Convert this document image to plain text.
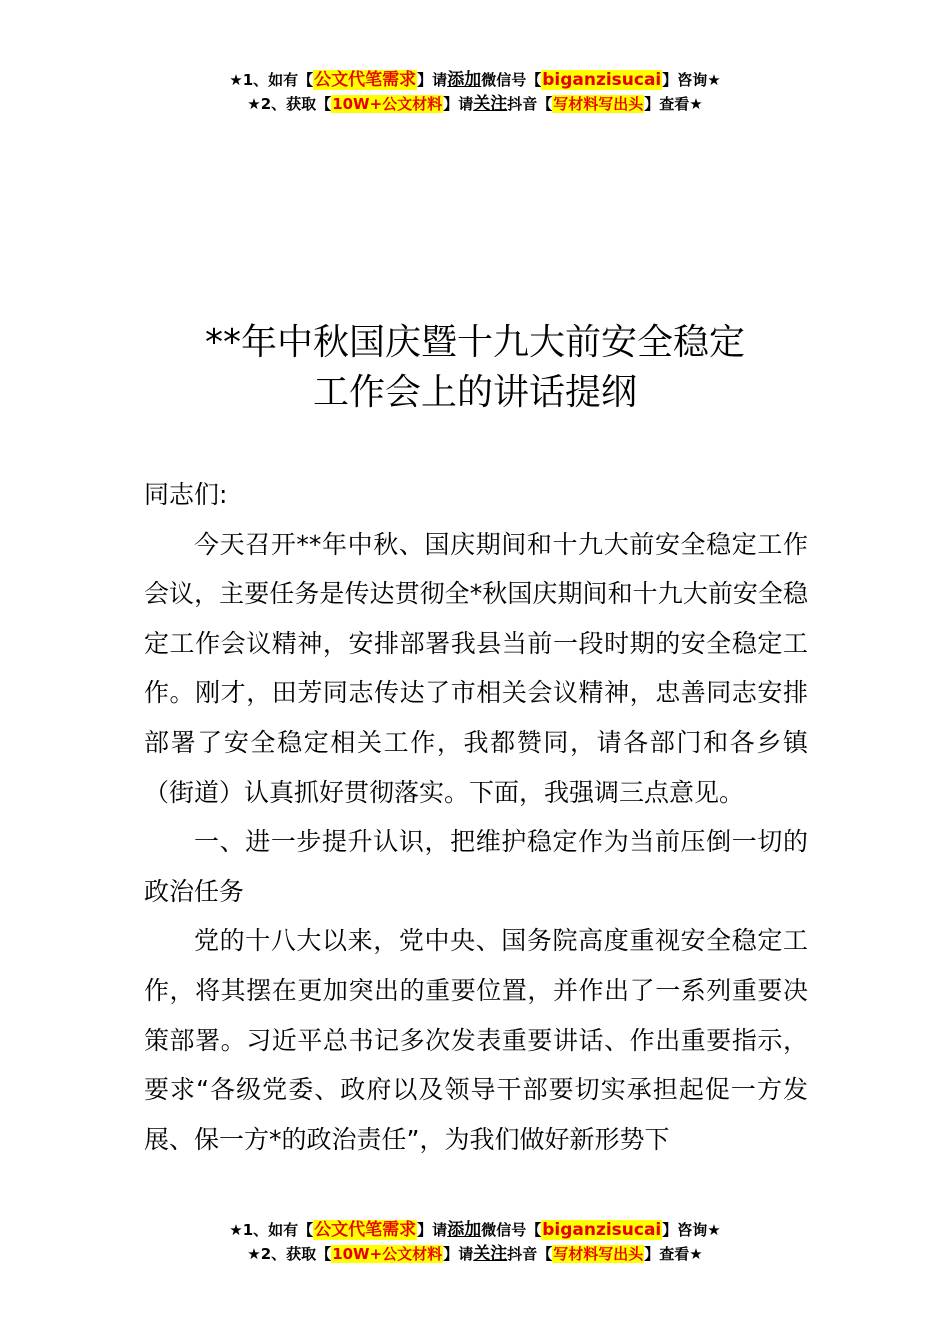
★1、如有【公文代笔需求】请添加微信号【biganzisucai】咨询★
★2、获取【10W+公文材料】请关注抖音【写材料写出头】查看★
**年中秋国庆暨十九大前安全稳定
工作会上的讲话提纲

同志们:

今天召开**年中秋、国庆期间和十九大前安全稳定工作会议，主要任务是传达贯彻全*秋国庆期间和十九大前安全稳定工作会议精神，安排部署我县当前一段时期的安全稳定工作。刚才，田芳同志传达了市相关会议精神，忠善同志安排部署了安全稳定相关工作，我都赞同，请各部门和各乡镇（街道）认真抓好贯彻落实。下面，我强调三点意见。

一、进一步提升认识，把维护稳定作为当前压倒一切的政治任务

党的十八大以来，党中央、国务院高度重视安全稳定工作，将其摆在更加突出的重要位置，并作出了一系列重要决策部署。习近平总书记多次发表重要讲话、作出重要指示，要求“各级党委、政府以及领导干部要切实承担起促一方发展、保一方*的政治责任”，为我们做好新形势下

★1、如有【公文代笔需求】请添加微信号【biganzisucai】咨询★
★2、获取【10W+公文材料】请关注抖音【写材料写出头】查看★
